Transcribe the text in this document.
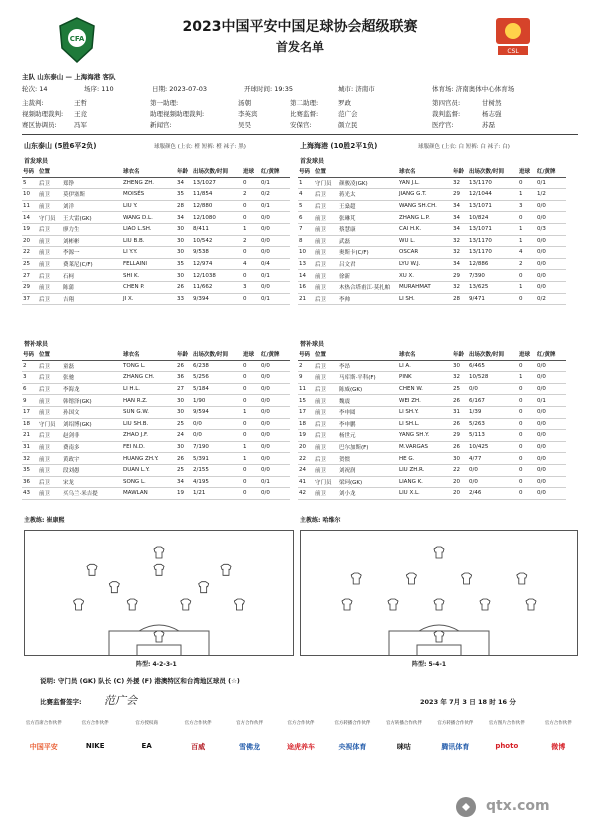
CFA
CSL
2023中国平安中国足球协会超级联赛
首发名单
主队 山东泰山 — 上海海港 客队
轮次: 14	场序: 110	日期: 2023-07-03	开球时间: 19:35	城市: 济南市	体育场: 济南奥体中心体育场
主裁判:	王哲	第一助理:	汤朝	第二助理:	罗政	第四官员:	甘树然
视频助理裁判: 王竞	助理视频助理裁判:	李英宾	比赛监督:	范广会	裁判监督:	杨志强
赛区协调员:	冯军	新闻官:	吴昊	安保官:	颜立民	医疗官:	苏磊
山东泰山 (5胜6平2负)	球服颜色 (上衣: 橙 短裤: 橙 袜子: 黑)	上海海港 (10胜2平1负)	球服颜色 (上衣: 白 短裤: 白 袜子: 白)
首发球员	首发球员
号码	位置		球衣名	年龄	出场次数/时间	进球	红/黄牌
5	后卫	郑铮	ZHENG ZH.	34	13/1027	0	0/1
10	前卫	莫伊塞斯	MOISÉS	35	11/854	2	0/2
11	前卫	刘洋	LIU Y.	28	12/880	0	0/1
14	守门员	王大雷(GK)	WANG D.L.	34	12/1080	0	0/0
19	后卫	廖力生	LIAO L.SH.	30	8/411	1	0/0
20	前卫	刘彬彬	LIU B.B.	30	10/542	2	0/0
22	前卫	李源一	LI Y.Y.	30	9/538	0	0/0
25	前卫	费莱尼(C/F)	FELLAINI	35	12/974	4	0/4
27	后卫	石柯	SHI K.	30	12/1038	0	0/1
29	前卫	陈蒲	CHEN P.	26	11/662	3	0/0
37	后卫	吉翔	JI X.	33	9/394	0	0/1
号码	位置		球衣名	年龄	出场次数/时间	进球	红/黄牌
1	守门员	颜骏凌(GK)	YAN J.L.	32	13/1170	0	0/1
4	后卫	蒋光太	JIANG G.T.	29	12/1044	1	1/2
5	后卫	王燊超	WANG SH.CH.	34	13/1071	3	0/0
6	前卫	张琳芃	ZHANG L.P.	34	10/824	0	0/0
7	前卫	蔡慧康	CAI H.K.	34	13/1071	1	0/3
8	前卫	武磊	WU L.	32	13/1170	1	0/0
10	前卫	奥斯卡(C/F)	OSCAR	32	13/1170	4	0/0
13	后卫	吕文君	LYU W.J.	34	12/886	2	0/0
14	前卫	徐新	XU X.	29	7/390	0	0/0
16	前卫	木热合塔甫江·莫扎帕	MURAHMAT	32	13/625	1	0/0
21	后卫	李帅	LI SH.	28	9/471	0	0/2
替补球员	替补球员
号码	位置		球衣名	年龄	出场次数/时间	进球	红/黄牌
2	后卫	童磊	TONG L.	26	6/238	0	0/0
3	后卫	张驰	ZHANG CH.	36	5/256	0	0/0
6	后卫	李海龙	LI H.L.	27	5/184	0	0/0
9	前卫	韩镕泽(GK)	HAN R.Z.	30	1/90	0	0/0
17	前卫	孙国文	SUN G.W.	30	9/594	1	0/0
18	守门员	刘绍博(GK)	LIU SH.B.	25	0/0	0	0/0
21	后卫	赵剑非	ZHAO J.F.	24	0/0	0	0/0
31	前卫	费南多	FEI N.D.	30	7/190	1	0/0
32	前卫	黄政宇	HUANG ZH.Y.	26	5/391	1	0/0
35	前卫	段刘愚	DUAN L.Y.	25	2/155	0	0/0
36	后卫	宋龙	SONG L.	34	4/195	0	0/1
43	前卫	买乌兰·米吉提	MAWLAN	19	1/21	0	0/0
号码	位置		球衣名	年龄	出场次数/时间	进球	红/黄牌
2	后卫	李昂	LI A.	30	6/465	0	0/0
9	前卫	马库斯·平科(F)	PINK	32	10/528	1	0/0
11	后卫	陈威(GK)	CHEN W.	25	0/0	0	0/0
15	前卫	魏震	WEI ZH.	26	6/167	0	0/1
17	前卫	李申圆	LI SH.Y.	31	1/39	0	0/0
18	后卫	李申鹏	LI SH.L.	26	5/263	0	0/0
19	后卫	杨世元	YANG SH.Y.	29	5/113	0	0/0
20	前卫	巴尔加斯(F)	M.VARGAS	26	10/425	0	0/0
22	后卫	贺惯	HE G.	30	4/77	0	0/0
24	前卫	刘祝润	LIU ZH.R.	22	0/0	0	0/0
41	守门员	梁珂(GK)	LIANG K.	20	0/0	0	0/0
42	前卫	刘小龙	LIU X.L.	20	2/46	0	0/0
主教练: 崔康熙	主教练: 哈维尔
阵型: 4-2-3-1	阵型: 5-4-1
说明: 守门员 (GK) 队长 (C) 外援 (F) 港澳特区和台湾地区球员 (☆)
比赛监督签字: 范广会	2023 年 7月 3 日 18 时 16 分
官方首席合作伙伴
中国平安
官方合作伙伴
NIKE
官方授权商
EA
官方合作伙伴
百威
官方合作伙伴
雪佛龙
官方合作伙伴
途虎养车
官方转播合作伙伴
央视体育
官方转播合作伙伴
咪咕
官方转播合作伙伴
腾讯体育
官方图片合作伙伴
photo
官方合作伙伴
微博
qtx.com
